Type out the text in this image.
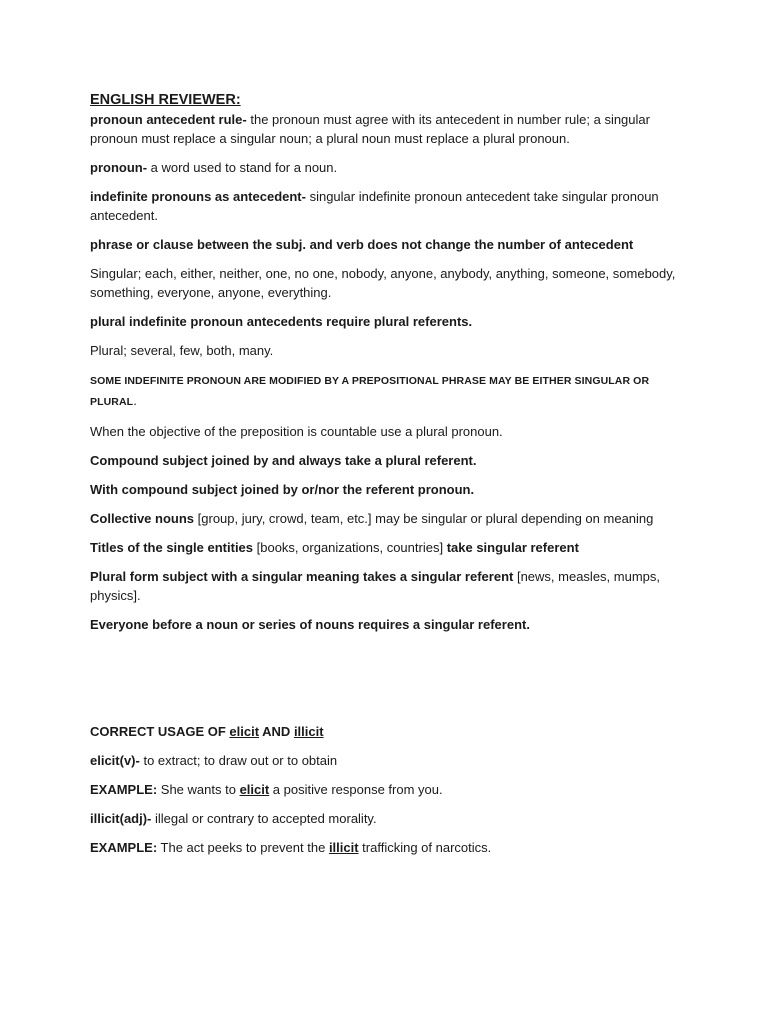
ENGLISH REVIEWER:

pronoun antecedent rule- the pronoun must agree with its antecedent in number rule; a singular pronoun must replace a singular noun; a plural noun must replace a plural pronoun.

pronoun- a word used to stand for a noun.

indefinite pronouns as antecedent- singular indefinite pronoun antecedent take singular pronoun antecedent.

phrase or clause between the subj. and verb does not change the number of antecedent

Singular; each, either, neither, one, no one, nobody, anyone, anybody, anything, someone, somebody, something, everyone, anyone, everything.

plural indefinite pronoun antecedents require plural referents.

Plural; several, few, both, many.

SOME INDEFINITE PRONOUN ARE MODIFIED BY A PREPOSITIONAL PHRASE MAY BE EITHER SINGULAR OR PLURAL.

When the objective of the preposition is countable use a plural pronoun.

Compound subject joined by and always take a plural referent.

With compound subject joined by or/nor the referent pronoun.

Collective nouns [group, jury, crowd, team, etc.] may be singular or plural depending on meaning

Titles of the single entities [books, organizations, countries] take singular referent

Plural form subject with a singular meaning takes a singular referent [news, measles, mumps, physics].

Everyone before a noun or series of nouns requires a singular referent.

CORRECT USAGE OF elicit AND illicit

elicit(v)- to extract; to draw out or to obtain

EXAMPLE: She wants to elicit a positive response from you.

illicit(adj)- illegal or contrary to accepted morality.

EXAMPLE: The act peeks to prevent the illicit trafficking of narcotics.
